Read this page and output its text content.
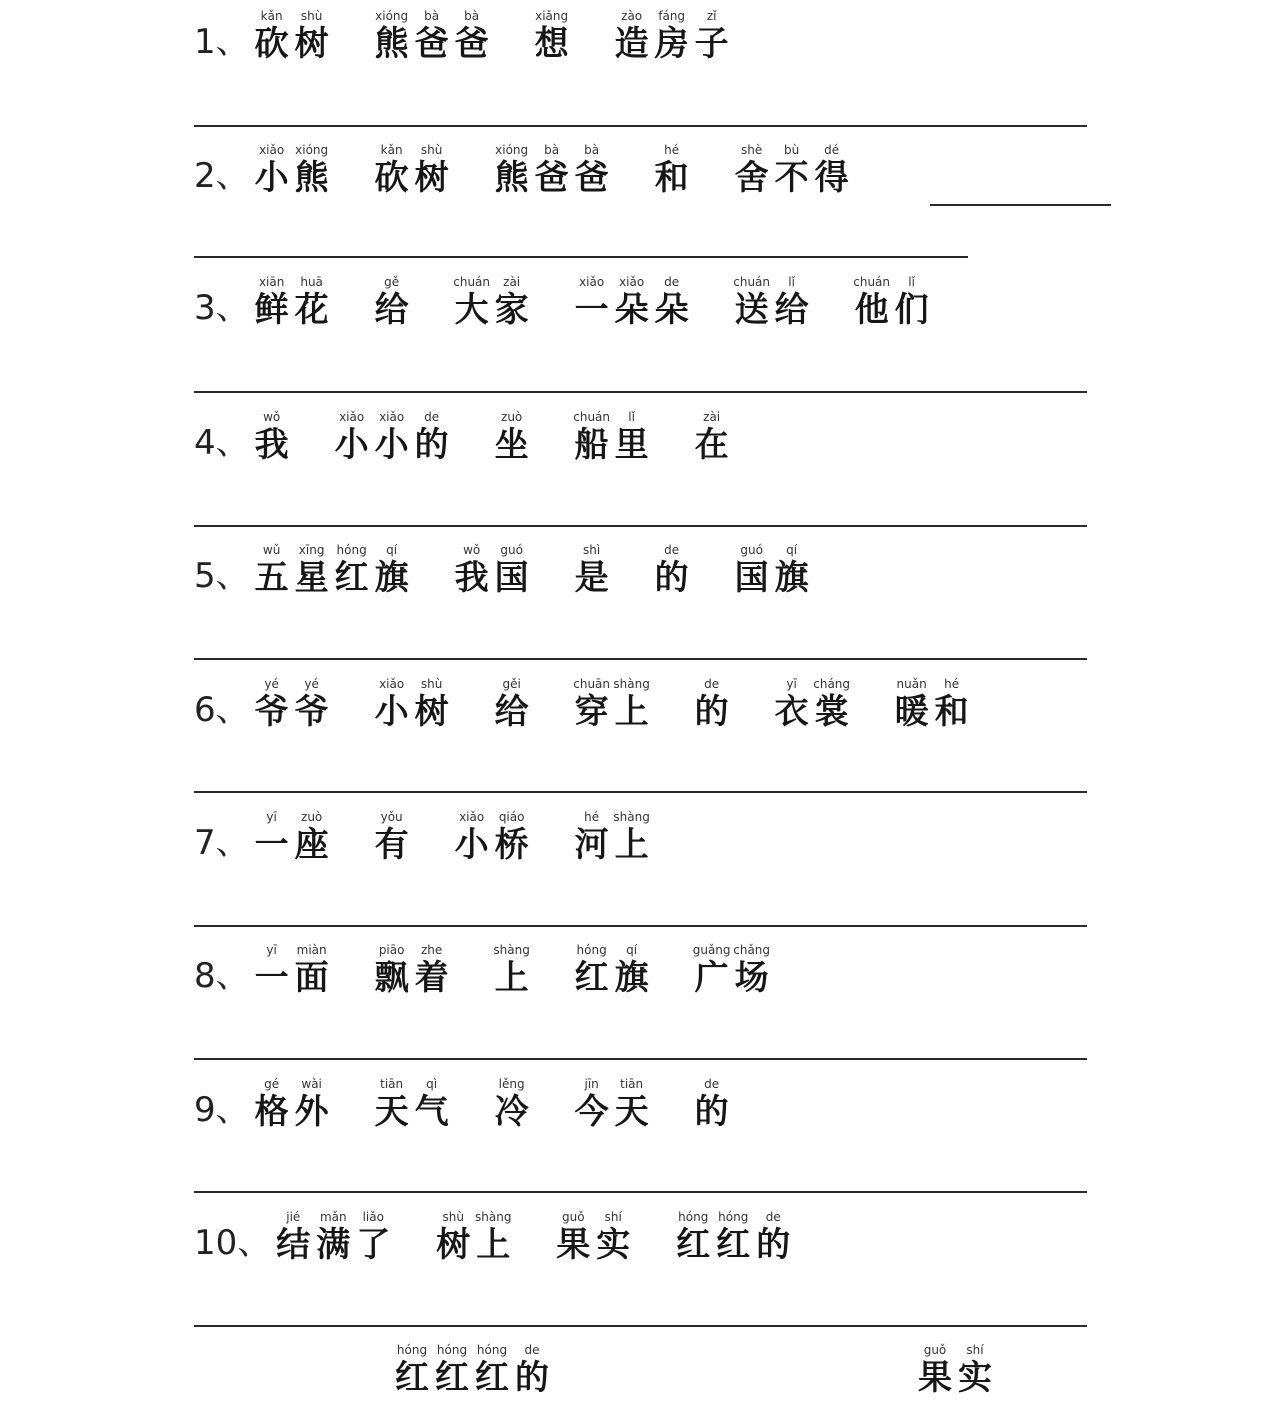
1、
kǎn
砍
shù
树
xióng
熊
bà
爸
bà
爸
xiǎng
想
zào
造
fáng
房
zǐ
子
2、
xiǎo
小
xióng
熊
kǎn
砍
shù
树
xióng
熊
bà
爸
bà
爸
hé
和
shè
舍
bù
不
dé
得
3、
xiān
鲜
huā
花
gě
给
chuán
大
zài
家
xiǎo
一
xiǎo
朵
de
朵
chuán
送
lǐ
给
chuán
他
lǐ
们
4、
wǒ
我
xiǎo
小
xiǎo
小
de
的
zuò
坐
chuán
船
lǐ
里
zài
在
5、
wǔ
五
xīng
星
hóng
红
qí
旗
wǒ
我
guó
国
shì
是
de
的
guó
国
qí
旗
6、
yé
爷
yé
爷
xiǎo
小
shù
树
gěi
给
chuān
穿
shàng
上
de
的
yī
衣
cháng
裳
nuǎn
暖
hé
和
7、
yī
一
zuò
座
yǒu
有
xiǎo
小
qiáo
桥
hé
河
shàng
上
8、
yī
一
miàn
面
piāo
飘
zhe
着
shàng
上
hóng
红
qí
旗
guǎng
广
chǎng
场
9、
gé
格
wài
外
tiān
天
qì
气
lěng
冷
jīn
今
tiān
天
de
的
10、
jié
结
mǎn
满
liǎo
了
shù
树
shàng
上
guǒ
果
shí
实
hóng
红
hóng
红
de
的
hóng
红
hóng
红
hóng
红
de
的
guǒ
果
shí
实
